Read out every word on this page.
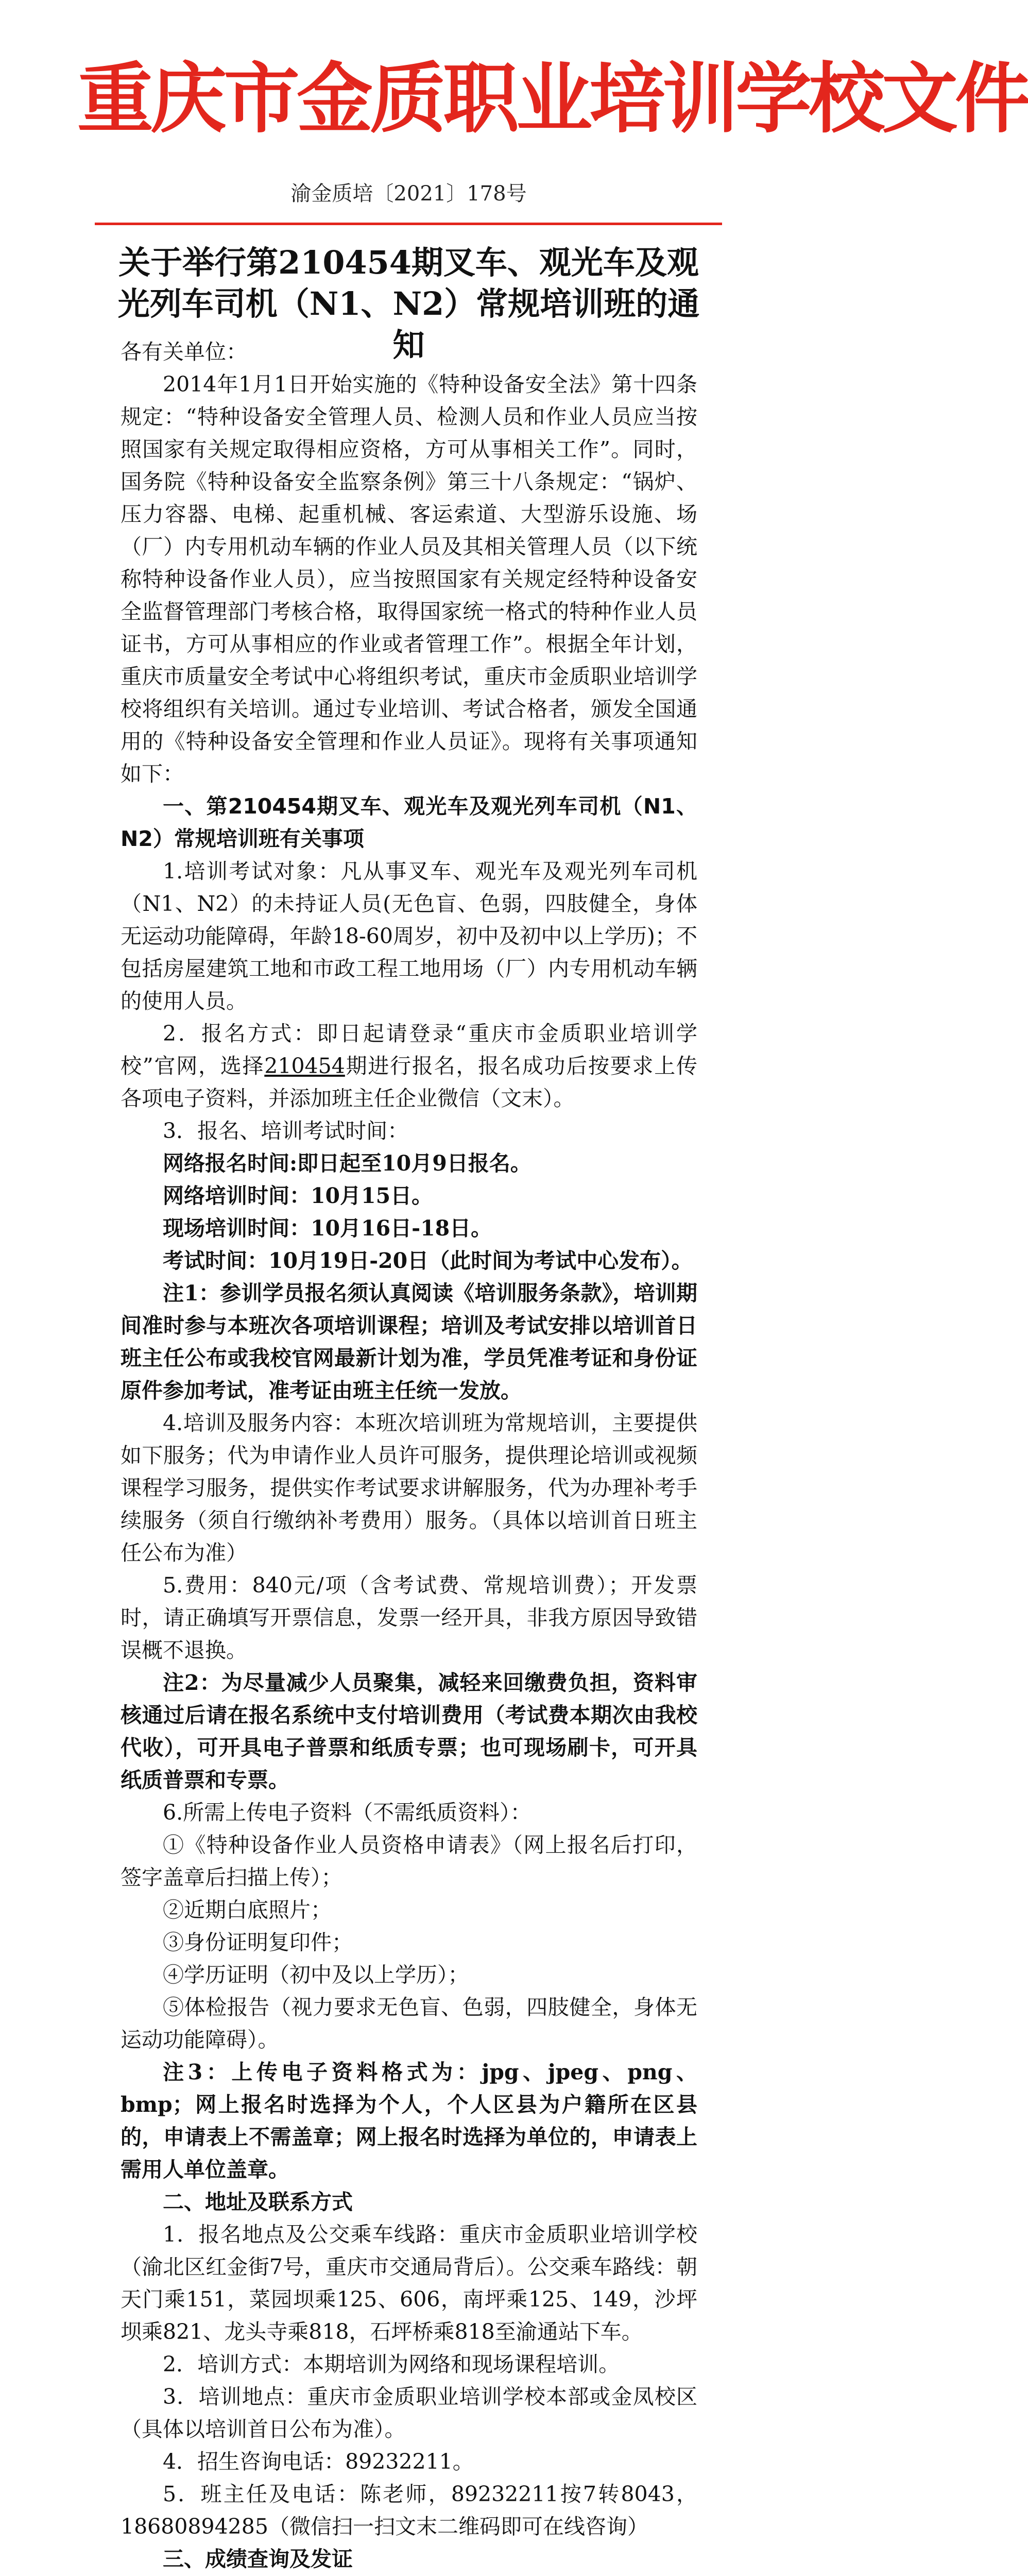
重庆市金质职业培训学校文件
渝金质培〔2021〕178号
关于举行第210454期叉车、观光车及观光列车司机（N1、N2）常规培训班的通知

各有关单位：

2014年1月1日开始实施的《特种设备安全法》第十四条规定：“特种设备安全管理人员、检测人员和作业人员应当按照国家有关规定取得相应资格，方可从事相关工作”。同时，国务院《特种设备安全监察条例》第三十八条规定：“锅炉、压力容器、电梯、起重机械、客运索道、大型游乐设施、场（厂）内专用机动车辆的作业人员及其相关管理人员（以下统称特种设备作业人员），应当按照国家有关规定经特种设备安全监督管理部门考核合格，取得国家统一格式的特种作业人员证书，方可从事相应的作业或者管理工作”。根据全年计划，重庆市质量安全考试中心将组织考试，重庆市金质职业培训学校将组织有关培训。通过专业培训、考试合格者，颁发全国通用的《特种设备安全管理和作业人员证》。现将有关事项通知如下：

一、第210454期叉车、观光车及观光列车司机（N1、N2）常规培训班有关事项

1.培训考试对象：凡从事叉车、观光车及观光列车司机（N1、N2）的未持证人员(无色盲、色弱，四肢健全，身体无运动功能障碍，年龄18-60周岁，初中及初中以上学历)；不包括房屋建筑工地和市政工程工地用场（厂）内专用机动车辆的使用人员。

2．报名方式：即日起请登录“重庆市金质职业培训学校”官网，选择210454期进行报名，报名成功后按要求上传各项电子资料，并添加班主任企业微信（文末）。

3．报名、培训考试时间：

网络报名时间:即日起至10月9日报名。

网络培训时间：10月15日。

现场培训时间：10月16日-18日。

考试时间：10月19日-20日（此时间为考试中心发布）。

注1：参训学员报名须认真阅读《培训服务条款》，培训期间准时参与本班次各项培训课程；培训及考试安排以培训首日班主任公布或我校官网最新计划为准，学员凭准考证和身份证原件参加考试，准考证由班主任统一发放。

4.培训及服务内容：本班次培训班为常规培训，主要提供如下服务；代为申请作业人员许可服务，提供理论培训或视频课程学习服务，提供实作考试要求讲解服务，代为办理补考手续服务（须自行缴纳补考费用）服务。（具体以培训首日班主任公布为准）

5.费用：840元/项（含考试费、常规培训费）；开发票时，请正确填写开票信息，发票一经开具，非我方原因导致错误概不退换。

注2：为尽量减少人员聚集，减轻来回缴费负担，资料审核通过后请在报名系统中支付培训费用（考试费本期次由我校代收），可开具电子普票和纸质专票；也可现场刷卡，可开具纸质普票和专票。

6.所需上传电子资料（不需纸质资料）：

①《特种设备作业人员资格申请表》（网上报名后打印，签字盖章后扫描上传）；

②近期白底照片；

③身份证明复印件；

④学历证明（初中及以上学历）；

⑤体检报告（视力要求无色盲、色弱，四肢健全，身体无运动功能障碍）。

注3：上传电子资料格式为：jpg、jpeg、png、bmp；网上报名时选择为个人，个人区县为户籍所在区县的，申请表上不需盖章；网上报名时选择为单位的，申请表上需用人单位盖章。

二、地址及联系方式

1．报名地点及公交乘车线路：重庆市金质职业培训学校（渝北区红金街7号，重庆市交通局背后）。公交乘车路线：朝天门乘151，菜园坝乘125、606，南坪乘125、149，沙坪坝乘821、龙头寺乘818，石坪桥乘818至渝通站下车。

2．培训方式：本期培训为网络和现场课程培训。

3．培训地点：重庆市金质职业培训学校本部或金凤校区（具体以培训首日公布为准）。

4．招生咨询电话：89232211。

5．班主任及电话：陈老师，89232211按7转8043，18680894285（微信扫一扫文末二维码即可在线咨询）

三、成绩查询及发证
